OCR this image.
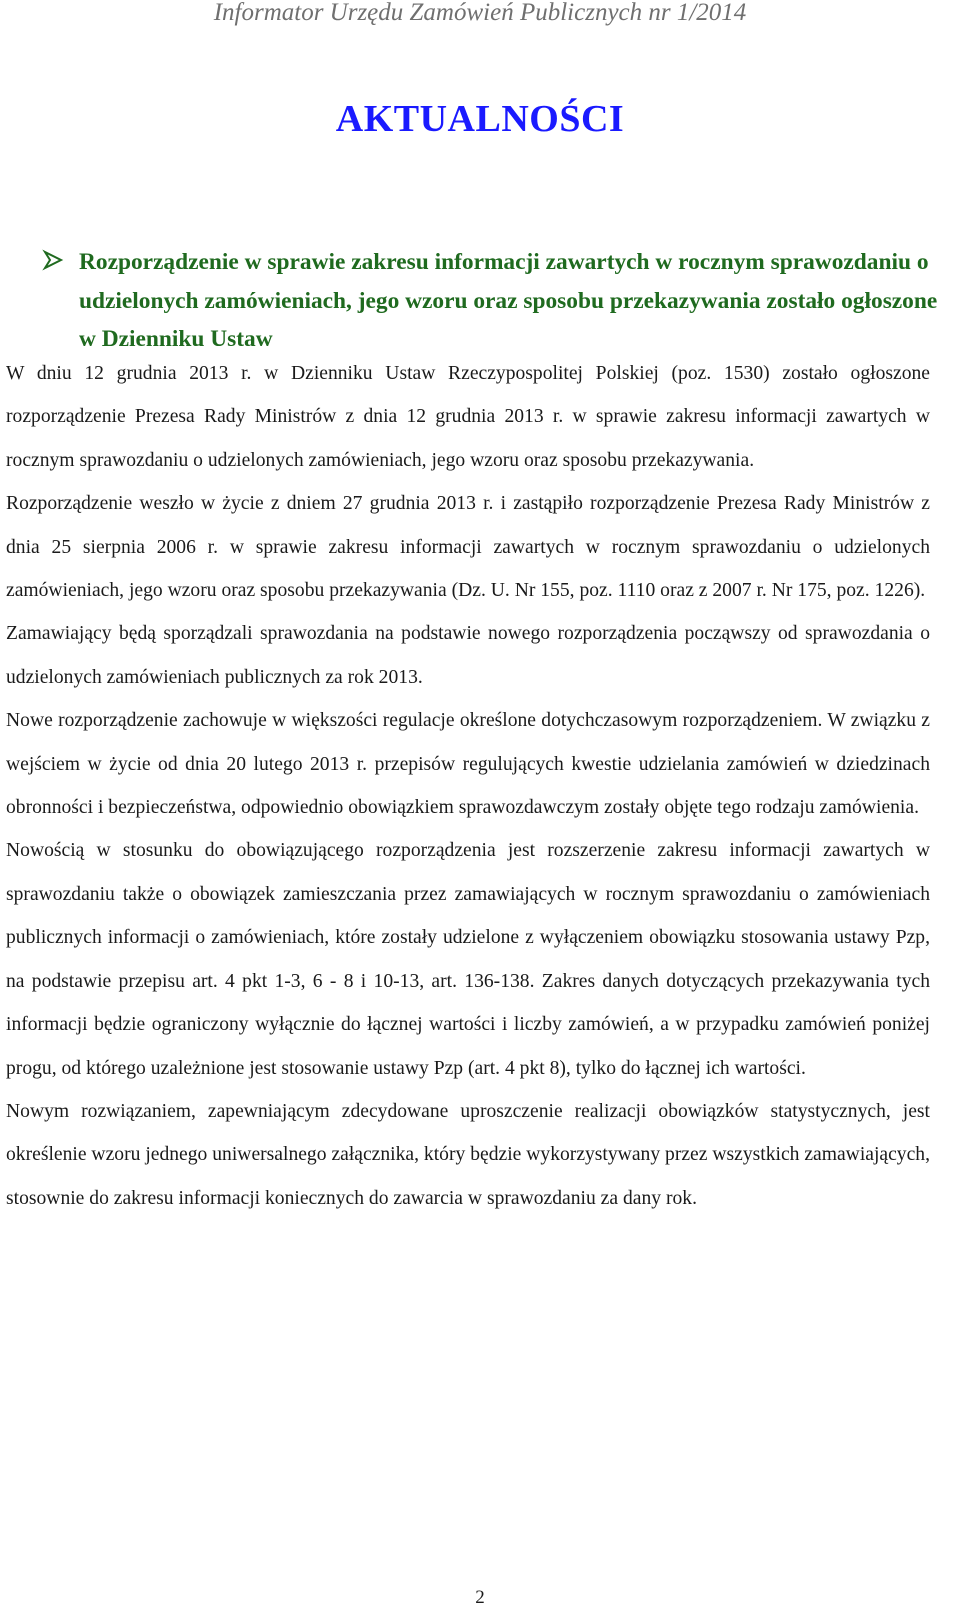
Informator Urzędu Zamówień Publicznych nr 1/2014
AKTUALNOŚCI

Rozporządzenie w sprawie zakresu informacji zawartych w rocznym sprawozdaniu o udzielonych zamówieniach, jego wzoru oraz sposobu przekazywania zostało ogłoszone w Dzienniku Ustaw

W dniu 12 grudnia 2013 r. w Dzienniku Ustaw Rzeczypospolitej Polskiej (poz. 1530) zostało ogłoszone rozporządzenie Prezesa Rady Ministrów z dnia 12 grudnia 2013 r. w sprawie zakresu informacji zawartych w rocznym sprawozdaniu o udzielonych zamówieniach, jego wzoru oraz sposobu przekazywania.

Rozporządzenie weszło w życie z dniem 27 grudnia 2013 r. i zastąpiło rozporządzenie Prezesa Rady Ministrów z dnia 25 sierpnia 2006 r. w sprawie zakresu informacji zawartych w rocznym sprawozdaniu o udzielonych zamówieniach, jego wzoru oraz sposobu przekazywania (Dz. U. Nr 155, poz. 1110 oraz z 2007 r. Nr 175, poz. 1226).

Zamawiający będą sporządzali sprawozdania na podstawie nowego rozporządzenia począwszy od sprawozdania o udzielonych zamówieniach publicznych za rok 2013.

Nowe rozporządzenie zachowuje w większości regulacje określone dotychczasowym rozporządzeniem. W związku z wejściem w życie od dnia 20 lutego 2013 r. przepisów regulujących kwestie udzielania zamówień w dziedzinach obronności i bezpieczeństwa, odpowiednio obowiązkiem sprawozdawczym zostały objęte tego rodzaju zamówienia.

Nowością w stosunku do obowiązującego rozporządzenia jest rozszerzenie zakresu informacji zawartych w sprawozdaniu także o obowiązek zamieszczania przez zamawiających w rocznym sprawozdaniu o zamówieniach publicznych informacji o zamówieniach, które zostały udzielone z wyłączeniem obowiązku stosowania ustawy Pzp, na podstawie przepisu art. 4 pkt 1-3, 6 - 8 i 10-13, art. 136-138. Zakres danych dotyczących przekazywania tych informacji będzie ograniczony wyłącznie do łącznej wartości i liczby zamówień, a w przypadku zamówień poniżej progu, od którego uzależnione jest stosowanie ustawy Pzp (art. 4 pkt 8), tylko do łącznej ich wartości.

Nowym rozwiązaniem, zapewniającym zdecydowane uproszczenie realizacji obowiązków statystycznych, jest określenie wzoru jednego uniwersalnego załącznika, który będzie wykorzystywany przez wszystkich zamawiających, stosownie do zakresu informacji koniecznych do zawarcia w sprawozdaniu za dany rok.

2
